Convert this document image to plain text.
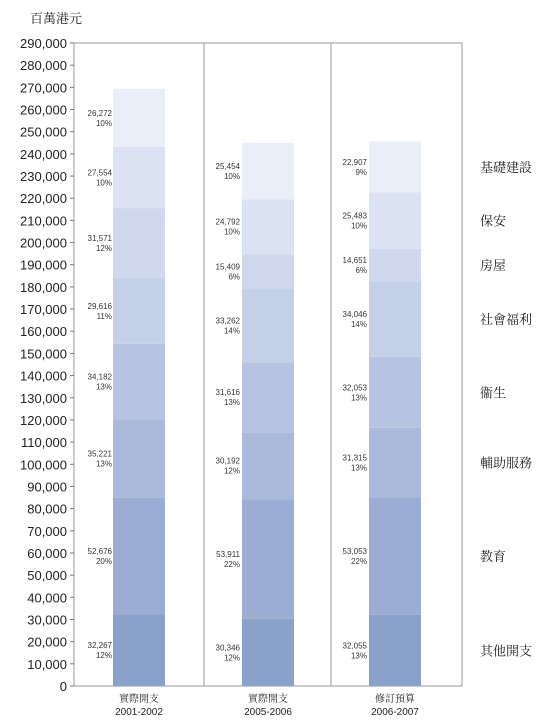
百萬港元
0
10,000
20,000
30,000
40,000
50,000
60,000
70,000
80,000
90,000
100,000
110,000
120,000
130,000
140,000
150,000
160,000
170,000
180,000
190,000
200,000
210,000
220,000
230,000
240,000
250,000
260,000
270,000
280,000
290,000
32,267
12%
52,676
20%
35,221
13%
34,182
13%
29,616
11%
31,571
12%
27,554
10%
26,272
10%
實際開支
2001-2002
30,346
12%
53,911
22%
30,192
12%
31,616
13%
33,262
14%
15,409
6%
24,792
10%
25,454
10%
實際開支
2005-2006
32,055
13%
53,053
22%
31,315
13%
32,053
13%
34,046
14%
14,651
6%
25,483
10%
22,907
9%
修訂預算
2006-2007
其他開支
教育
輔助服務
衞生
社會福利
房屋
保安
基礎建設
